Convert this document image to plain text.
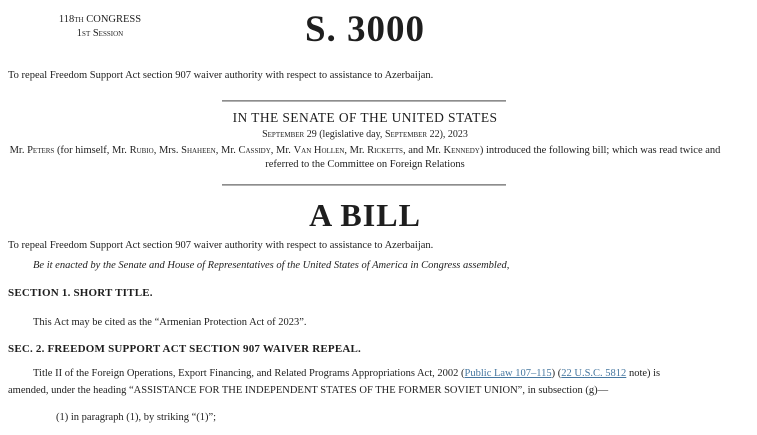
118th CONGRESS
1st Session	S. 3000
To repeal Freedom Support Act section 907 waiver authority with respect to assistance to Azerbaijan.
IN THE SENATE OF THE UNITED STATES
September 29 (legislative day, September 22), 2023
Mr. Peters (for himself, Mr. Rubio, Mrs. Shaheen, Mr. Cassidy, Mr. Van Hollen, Mr. Ricketts, and Mr. Kennedy) introduced the following bill; which was read twice and
referred to the Committee on Foreign Relations
A BILL
To repeal Freedom Support Act section 907 waiver authority with respect to assistance to Azerbaijan.
Be it enacted by the Senate and House of Representatives of the United States of America in Congress assembled,
SECTION 1. SHORT TITLE.
This Act may be cited as the “Armenian Protection Act of 2023”.
SEC. 2. FREEDOM SUPPORT ACT SECTION 907 WAIVER REPEAL.
Title II of the Foreign Operations, Export Financing, and Related Programs Appropriations Act, 2002 (Public Law 107–115) (22 U.S.C. 5812 note) is
amended, under the heading “ASSISTANCE FOR THE INDEPENDENT STATES OF THE FORMER SOVIET UNION”, in subsection (g)—
(1) in paragraph (1), by striking “(1)”;
